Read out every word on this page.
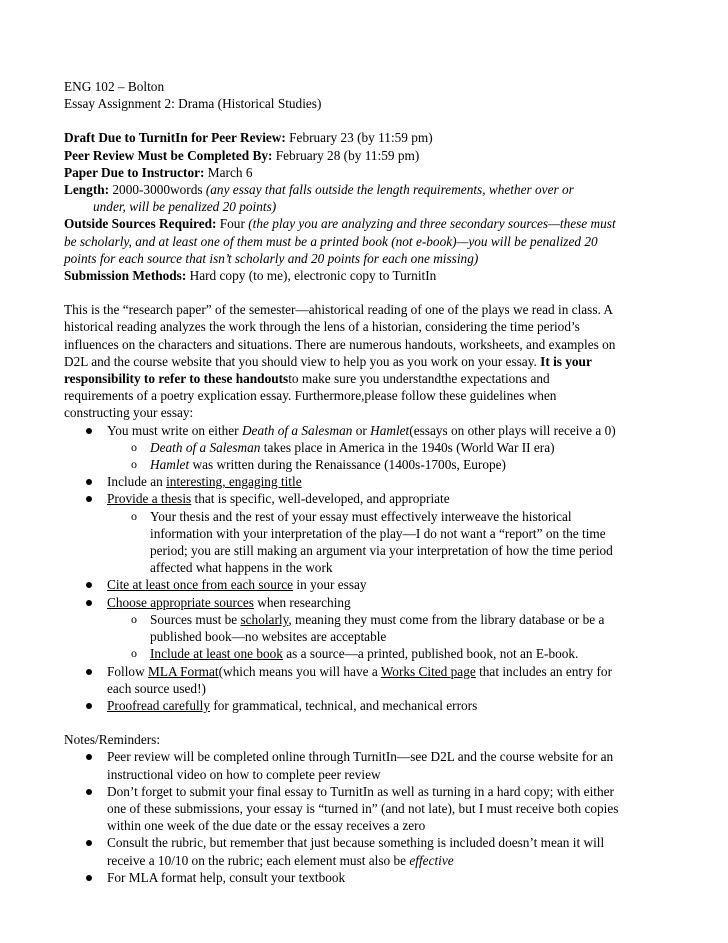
ENG 102 – Bolton
Essay Assignment 2: Drama (Historical Studies)
Draft Due to TurnitIn for Peer Review: February 23 (by 11:59 pm)
Peer Review Must be Completed By: February 28 (by 11:59 pm)
Paper Due to Instructor: March 6
Length: 2000-3000words (any essay that falls outside the length requirements, whether over or
under, will be penalized 20 points)
Outside Sources Required: Four (the play you are analyzing and three secondary sources—these must
be scholarly, and at least one of them must be a printed book (not e-book)—you will be penalized 20
points for each source that isn’t scholarly and 20 points for each one missing)
Submission Methods: Hard copy (to me), electronic copy to TurnitIn
This is the “research paper” of the semester—ahistorical reading of one of the plays we read in class. A
historical reading analyzes the work through the lens of a historian, considering the time period’s
influences on the characters and situations. There are numerous handouts, worksheets, and examples on
D2L and the course website that you should view to help you as you work on your essay. It is your
responsibility to refer to these handoutsto make sure you understandthe expectations and
requirements of a poetry explication essay. Furthermore,please follow these guidelines when
constructing your essay:
You must write on either Death of a Salesman or Hamlet(essays on other plays will receive a 0)
o Death of a Salesman takes place in America in the 1940s (World War II era)
o Hamlet was written during the Renaissance (1400s-1700s, Europe)
Include an interesting, engaging title
Provide a thesis that is specific, well-developed, and appropriate
o Your thesis and the rest of your essay must effectively interweave the historical
information with your interpretation of the play—I do not want a “report” on the time
period; you are still making an argument via your interpretation of how the time period
affected what happens in the work
Cite at least once from each source in your essay
Choose appropriate sources when researching
o Sources must be scholarly, meaning they must come from the library database or be a
published book—no websites are acceptable
o Include at least one book as a source—a printed, published book, not an E-book.
Follow MLA Format(which means you will have a Works Cited page that includes an entry for
each source used!)
Proofread carefully for grammatical, technical, and mechanical errors
Notes/Reminders:
Peer review will be completed online through TurnitIn—see D2L and the course website for an
instructional video on how to complete peer review
Don’t forget to submit your final essay to TurnitIn as well as turning in a hard copy; with either
one of these submissions, your essay is “turned in” (and not late), but I must receive both copies
within one week of the due date or the essay receives a zero
Consult the rubric, but remember that just because something is included doesn’t mean it will
receive a 10/10 on the rubric; each element must also be effective
For MLA format help, consult your textbook
